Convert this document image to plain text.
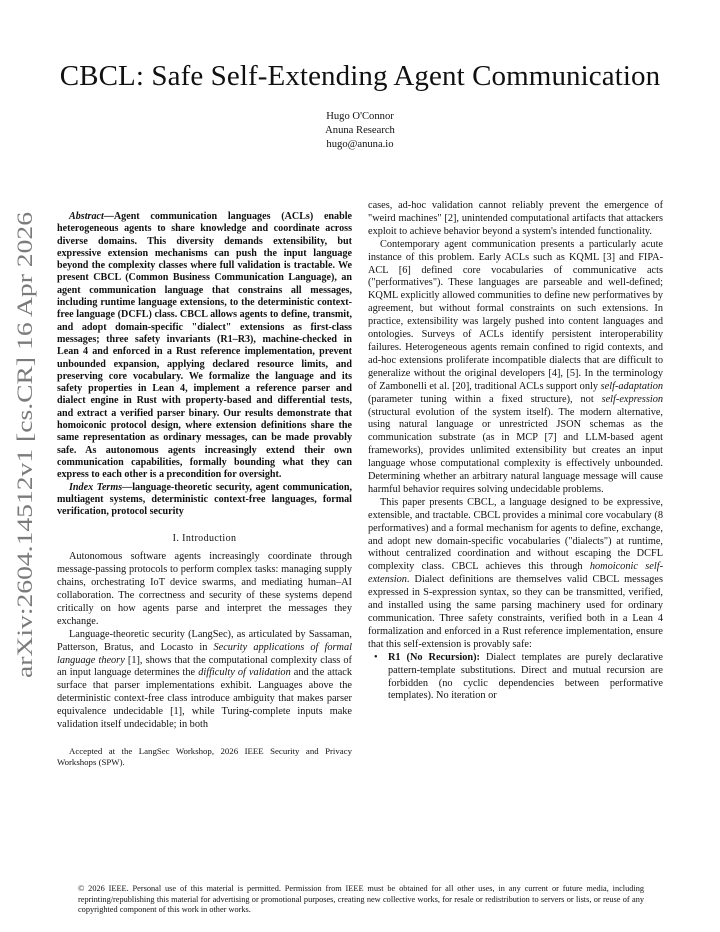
arXiv:2604.14512v1 [cs.CR] 16 Apr 2026
CBCL: Safe Self-Extending Agent Communication
Hugo O'Connor
Anuna Research
hugo@anuna.io

Abstract—Agent communication languages (ACLs) enable heterogeneous agents to share knowledge and coordinate across diverse domains. This diversity demands extensibility, but expressive extension mechanisms can push the input language beyond the complexity classes where full validation is tractable. We present CBCL (Common Business Communication Language), an agent communication language that constrains all messages, including runtime language extensions, to the deterministic context-free language (DCFL) class. CBCL allows agents to define, transmit, and adopt domain-specific "dialect" extensions as first-class messages; three safety invariants (R1–R3), machine-checked in Lean 4 and enforced in a Rust reference implementation, prevent unbounded expansion, applying declared resource limits, and preserving core vocabulary. We formalize the language and its safety properties in Lean 4, implement a reference parser and dialect engine in Rust with property-based and differential tests, and extract a verified parser binary. Our results demonstrate that homoiconic protocol design, where extension definitions share the same representation as ordinary messages, can be made provably safe. As autonomous agents increasingly extend their own communication capabilities, formally bounding what they can express to each other is a precondition for oversight.

Index Terms—language-theoretic security, agent communication, multiagent systems, deterministic context-free languages, formal verification, protocol security

I. Introduction

Autonomous software agents increasingly coordinate through message-passing protocols to perform complex tasks: managing supply chains, orchestrating IoT device swarms, and mediating human–AI collaboration. The correctness and security of these systems depend critically on how agents parse and interpret the messages they exchange.

Language-theoretic security (LangSec), as articulated by Sassaman, Patterson, Bratus, and Locasto in Security applications of formal language theory [1], shows that the computational complexity class of an input language determines the difficulty of validation and the attack surface that parser implementations exhibit. Languages above the deterministic context-free class introduce ambiguity that makes parser equivalence undecidable [1], while Turing-complete inputs make validation itself undecidable; in both

Accepted at the LangSec Workshop, 2026 IEEE Security and Privacy Workshops (SPW).

cases, ad-hoc validation cannot reliably prevent the emergence of "weird machines" [2], unintended computational artifacts that attackers exploit to achieve behavior beyond a system's intended functionality.

Contemporary agent communication presents a particularly acute instance of this problem. Early ACLs such as KQML [3] and FIPA-ACL [6] defined core vocabularies of communicative acts ("performatives"). These languages are parseable and well-defined; KQML explicitly allowed communities to define new performatives by agreement, but without formal constraints on such extensions. In practice, extensibility was largely pushed into content languages and ontologies. Surveys of ACLs identify persistent interoperability failures. Heterogeneous agents remain confined to rigid contexts, and ad-hoc extensions proliferate incompatible dialects that are difficult to generalize without the original developers [4], [5]. In the terminology of Zambonelli et al. [20], traditional ACLs support only self-adaptation (parameter tuning within a fixed structure), not self-expression (structural evolution of the system itself). The modern alternative, using natural language or unrestricted JSON schemas as the communication substrate (as in MCP [7] and LLM-based agent frameworks), provides unlimited extensibility but creates an input language whose computational complexity is effectively unbounded. Determining whether an arbitrary natural language message will cause harmful behavior requires solving undecidable problems.

This paper presents CBCL, a language designed to be expressive, extensible, and tractable. CBCL provides a minimal core vocabulary (8 performatives) and a formal mechanism for agents to define, exchange, and adopt new domain-specific vocabularies ("dialects") at runtime, without centralized coordination and without escaping the DCFL complexity class. CBCL achieves this through homoiconic self-extension. Dialect definitions are themselves valid CBCL messages expressed in S-expression syntax, so they can be transmitted, verified, and installed using the same parsing machinery used for ordinary communication. Three safety constraints, verified both in a Lean 4 formalization and enforced in a Rust reference implementation, ensure that this self-extension is provably safe:

• R1 (No Recursion): Dialect templates are purely declarative pattern-template substitutions. Direct and mutual recursion are forbidden (no cyclic dependencies between performative templates). No iteration or
© 2026 IEEE. Personal use of this material is permitted. Permission from IEEE must be obtained for all other uses, in any current or future media, including reprinting/republishing this material for advertising or promotional purposes, creating new collective works, for resale or redistribution to servers or lists, or reuse of any copyrighted component of this work in other works.
